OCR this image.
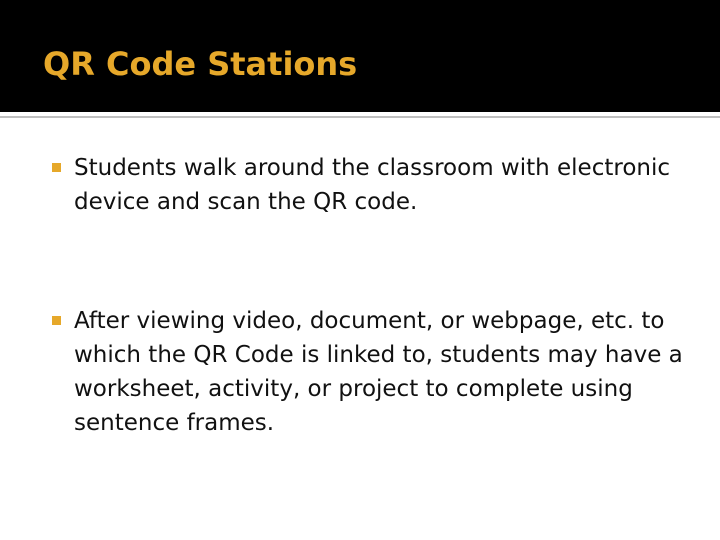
QR Code Stations
Students walk around the classroom with electronic device and scan the QR code.
After viewing video, document, or webpage, etc. to which the QR Code is linked to, students may have a worksheet, activity, or project to complete using sentence frames.
